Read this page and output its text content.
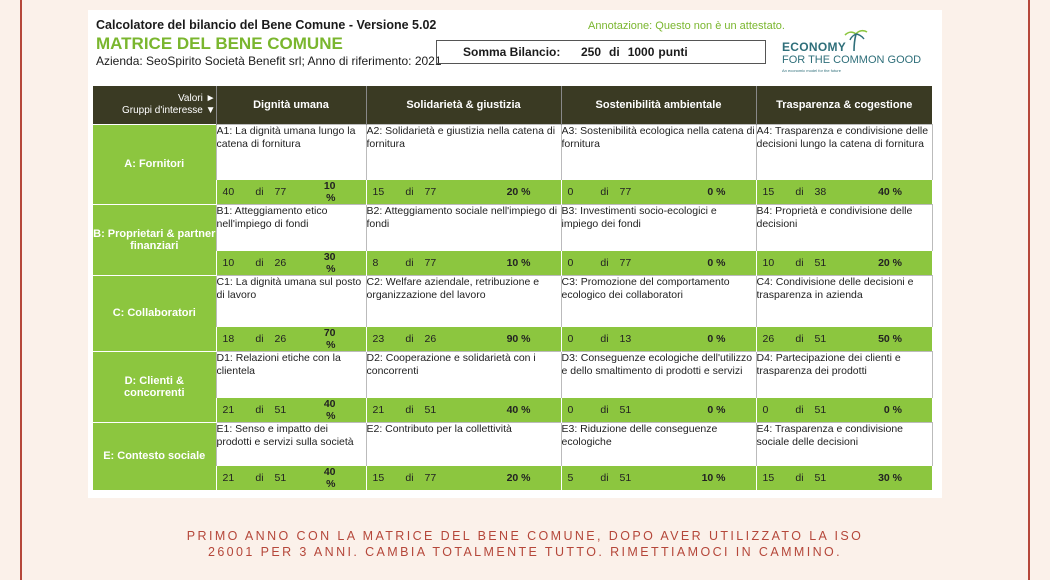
Calcolatore del bilancio del Bene Comune - Versione 5.02
MATRICE DEL BENE COMUNE
Azienda: SeoSpirito Società Benefit srl; Anno di riferimento: 2021
Annotazione: Questo non è un attestato.
Somma Bilancio:	250 di 1000 punti	ECONOMY
FOR THE COMMON GOOD
An economic model for the future
Valori ►
Gruppi d'interesse ▼	Dignità umana	Solidarietà & giustizia	Sostenibilità ambientale	Trasparenza & cogestione
A: Fornitori	A1: La dignità umana lungo la catena di fornitura	A2: Solidarietà e giustizia nella catena di fornitura	A3: Sostenibilità ecologica nella catena di fornitura	A4: Trasparenza e condivisione delle decisioni lungo la catena di fornitura

	40 di 77 10 %	15 di 77 20 %	0 di 77 0 %	15 di 38 40 %

B: Proprietari & partner finanziari	B1: Atteggiamento etico nell'impiego di fondi	B2: Atteggiamento sociale nell'impiego di fondi	B3: Investimenti socio-ecologici e impiego dei fondi	B4: Proprietà e condivisione delle decisioni

	10 di 26 30 %	8 di 77 10 %	0 di 77 0 %	10 di 51 20 %

C: Collaboratori	C1: La dignità umana sul posto di lavoro	C2: Welfare aziendale, retribuzione e organizzazione del lavoro	C3: Promozione del comportamento ecologico dei collaboratori	C4: Condivisione delle decisioni e trasparenza in azienda

	18 di 26 70 %	23 di 26 90 %	0 di 13 0 %	26 di 51 50 %

D: Clienti & concorrenti	D1: Relazioni etiche con la clientela	D2: Cooperazione e solidarietà con i concorrenti	D3: Conseguenze ecologiche dell'utilizzo e dello smaltimento di prodotti e servizi	D4: Partecipazione dei clienti e trasparenza dei prodotti

	21 di 51 40 %	21 di 51 40 %	0 di 51 0 %	0 di 51 0 %

E: Contesto sociale	E1: Senso e impatto dei prodotti e servizi sulla società	E2: Contributo per la collettività	E3: Riduzione delle conseguenze ecologiche	E4: Trasparenza e condivisione sociale delle decisioni

	21 di 51 40 %	15 di 77 20 %	5 di 51 10 %	15 di 51 30 %
PRIMO ANNO CON LA MATRICE DEL BENE COMUNE, DOPO AVER UTILIZZATO LA ISO
26001 PER 3 ANNI. CAMBIA TOTALMENTE TUTTO. RIMETTIAMOCI IN CAMMINO.
